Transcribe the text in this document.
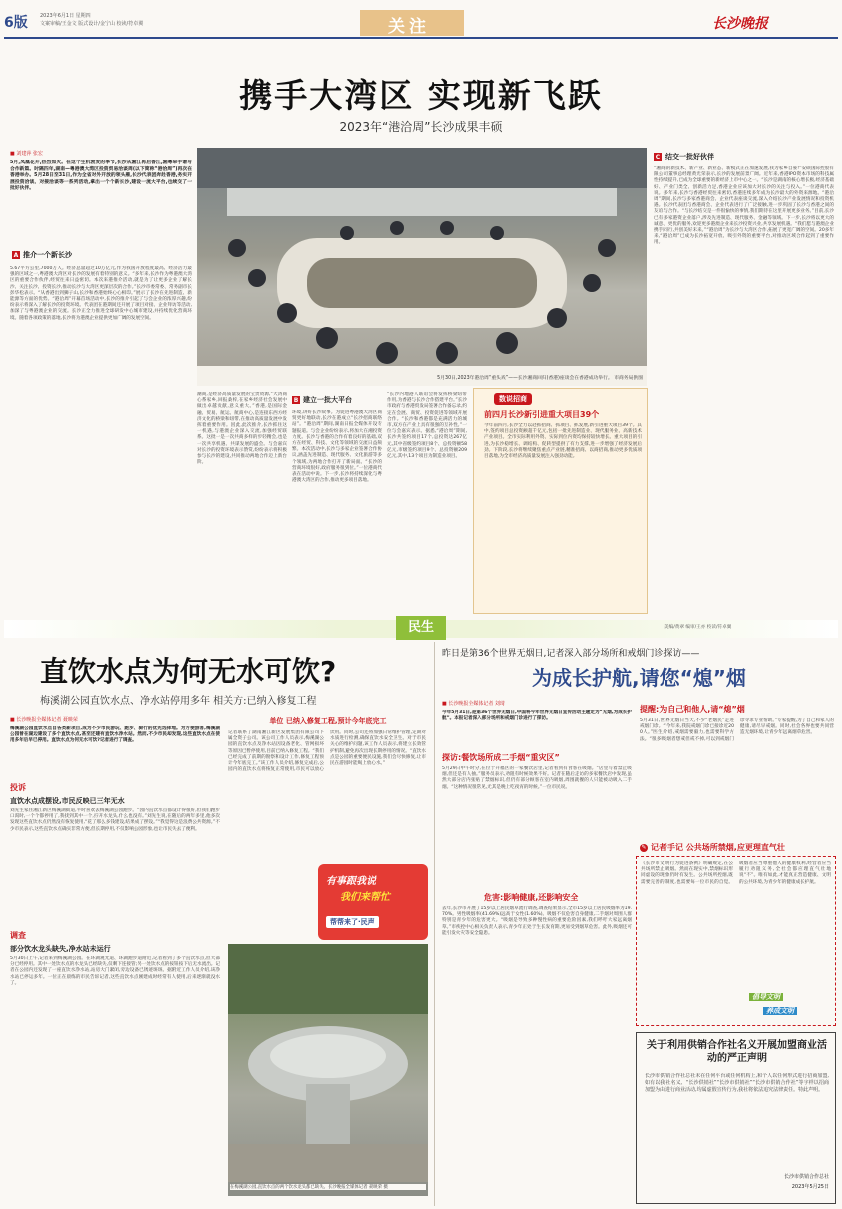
6版 2023年6月1日 星期四
文案审稿/王金文 版式设计/金宁山 校读/符卓翼	关注	长沙晚报
携手大湾区 实现新飞跃
2023年“港洽周”长沙成果丰硕
■ 刘建萍 张宏
5月,凤凰花开,热烈如火。在这个生机勃发的季节,长沙从湘江再启香江,湘粤牵手谱写合作新篇。时隔四年,湖南—粤港澳大湾区投资贸易洽谈周(以下简称“港洽周”)再次在香港举办。5月28日至31日,作为全省对外开放的领头雁,长沙代表团奔赴香港,务实开展投资洽谈、对接洽谈等一系列活动,拿出一个个新长沙,建设一流大平台,也续交了一批好伙伴。
A 推介一个新长沙
5.67平方公里,7000万人。经济总量超过10万亿元,作为我国开放程度最高、经济活力最强的区域之一,粤港澳大湾区对长沙的发展有着特别的意义。“多年来,长沙作为粤港澳大湾区的重要合作伙伴,经贸往来日益密切。本次来港推介活动,就是为了让更多企业了解长沙、关注长沙、投资长沙,推动长沙与大湾区更深层次的合作。”长沙市委常委、常务副市长彭华松表示。“从香港出到狮子山,长沙和香港始终心心相印。”展示了长沙在先进制造、新能源等方面的优势。“港洽周”开幕首场活动中,长沙的推介引起了与会企业的浓厚兴趣,纷纷表示将深入了解长沙的投资环境。代表团在港期间还开展了项目对接、企业拜访等活动,加深了与粤港澳企业的交流。长沙正全力推进全球研发中心城市建设,并持续优化营商环境。随着各项政策的落地,长沙将为港澳企业提供更加广阔的发展空间。
5月30日,2023年港洽周“重头戏”——长沙湘商回归(香港)座谈会在香港成功举行。 市商务局供图
潮商,是经济高质量发展的宝贵资源,“大湾商心系家乡,回报桑梓,在家乡经济社会发展中做出卓越贡献,意义重大。”香港,是国际金融、贸易、航运、航商中心,是连接东西方经济文化的桥梁和纽带,在推动高质量发展中发挥着重要作用。因此,此次推介,长沙抓住这一机遇,与港澳企业深入交流,加强经贸联系。这批一是一次共商多样的步轻精会,也是一次共享机遇、共谋发展的盛会。与会嘉宾对长沙的投资环境表示赞赏,纷纷表示将积极参与长沙的建设,共同推动两地合作迈上新台阶。
B 建立一批大平台
环境,讲好长沙故事。为促进粤港澳大湾区商贸更好地联动,长沙在港成立“长沙招商联络站”。“港洽周”期间,湖南日报全媒体开设专题报道。与会企业纷纷表示,将加大在湘投资力度。长沙与香港的合作有着良好的基础,双方在经贸、科技、文化等领域的交流日益频繁。本次活动中,长沙与多家企业签署合作协议,涵盖先进制造、现代服务、文化旅游等多个领域,为两地合作打开了新局面。“长沙的营商环境很好,政府服务很到位。”一位港商代表在活动中说。下一步,长沙将持续深化与粤港澳大湾区的合作,推动更多项目落地。
“长沙内地港人联谊会将发挥桥梁纽带作用,为香港与长沙合作搭建平台。”长沙市政府与香港贸发局签署合作备忘录,约定在会展、商贸、投资促进等领域开展合作。“长沙和香港都是充满活力的城市,双方在产业上具有很强的互补性。”一位与会嘉宾表示。据悉,“港洽周”期间,长沙共签约项目17个,总投资达267亿元,其中省级签约项目8个、总投资额58亿元,市级签约项目9个、总投资额209亿元,其中,13个项目为制造业项目。
数说招商
前四月长沙新引进重大项目39个
今年前四月,长沙全力以赴抓招商、抓项目、抓发展,新引进重大项目39个。其中,签约项目总投资额超千亿元,包括一批先进制造业、现代服务业、高新技术产业项目。全市实际利用外资、实际到位内资均保持较快增长。重大项目的引进,为长沙稳增长、调结构、促转型提供了有力支撑,进一步增强了经济发展后劲。下阶段,长沙将继续聚焦重点产业链,精准招商、以商招商,推动更多优质项目落地,为全市经济高质量发展注入强劲动能。
C 结交一批好伙伴
“湘商的新技术、新产业、新业态、新模式正在加速发展,我为家乡自豪!”安硕国际控股有限公司董事总经理黄光荣表示,长沙的发展前景广阔。近年来,香港IPO资本市场的科技属性持续提升,已成为全球重要的新经济上市中心之一。“长沙是湖南的核心增长极,经济基础好、产业门类全、创新活力足,香港企业应该加大对长沙的关注与投入。”一位港商代表说。多年来,长沙与香港经贸往来密切,香港连续多年成为长沙最大的外资来源地。“港洽周”期间,长沙与多家香港商会、企业代表座谈交流,深入介绍长沙产业发展情况和投资机遇。长沙代表团与香港商会、企业代表进行了广泛接触,进一步巩固了长沙与香港之间的友谊与合作。“与长沙结交是一件很愉快的事情,我们期待在这里开展更多业务。”目前,长沙已有多家港资企业落户,涉及先进制造、现代服务、金融等领域。下一步,长沙将以更大的诚意、更优的服务,欢迎更多港澳企业来长沙投资兴业,共享发展机遇。“我们愿与港澳企业携手同行,共创美好未来。”“港洽周”为长沙与大湾区合作,拓展了更宽广阔的空间。20多年来,“港洽周”已成为长沙拓宽开放、吸引外资的重要平台,对推动区域合作起到了重要作用。
民生	美编/黄翠 编审/王亦 校读/符卓翼
直饮水点为何无水可饮?
梅溪湖公园直饮水点、净水站停用多年 相关方:已纳入修复工程
■ 长沙晚报全媒体记者 聂映荣
梅溪湖公园直饮水点自各类新项目,成为不少市民游玩、跑步、骑行的优先选择地。为方便游客,梅溪湖公园曾在湖边建设了多个直饮水点,甚至还建有直饮水净水站。然而,不少市民却发现,这些直饮水点在使用多年后早已停用。直饮水点为何无水可饮?记者进行了调查。
投诉
直饮水点成摆设,市民反映已三年无水
刘先生家住湘江新区梅溪湖街道,平时喜欢去梅溪湖公园跑步。“园内直饮水点都设计得很好,但我们跑步口渴时,一个个都停用了,我找到其中一个,拧开水龙头,什么也没有。”刘先生说,在随后的两年多里,他多次发现这些直饮水点仍然没有恢复使用,“花了那么多钱建设,结果成了摆设。”“我觉得这是浪费公共资源。”不少市民表示,这些直饮水点确实非常方便,但长期停用,不仅影响公园形象,也让市民失去了便利。
调查
部分饮水龙头缺失,净水站未运行
5月30日上午,记者来到梅溪湖公园。在环湖观光道、环湖跑步道附近,记者看到了多个直饮水点,但大部分已经停用。其中一处饮水点的水龙头已经缺失,仅剩下连接管;另一处饮水点的按钮按下后无水流出。记者在公园内还发现了一座直饮水净水站,站房大门紧闭,旁边设备已锈迹斑斑。据附近工作人员介绍,该净水站已停运多年。一位正在晨练的市民告诉记者,这些直饮水点刚建成时经常有人使用,后来逐渐就没水了。
单位 已纳入修复工程,预计今年底完工
记者联系了湖南湘江新区发展集团有限公司下属全资子公司。该公司工作人员表示,梅溪湖公园的直饮水点及净水站因设备老化、管网损坏等原因已暂停使用,目前已纳入修复工程。“我们已经完成了前期的勘察和设计工作,修复工程预计今年底完工。”该工作人员介绍,修复完成后,公园内的直饮水点将恢复正常使用,市民可以放心饮用。同时,公司还将加强日常维护管理,定期对水质进行检测,确保直饮水安全卫生。对于市民关心的维护问题,该工作人员表示,将建立长效管护机制,避免再次出现长期停用的情况。“直饮水点是公园的重要便民设施,我们会尽快修复,让市民在游园时能喝上放心水。”
有事跟我说
我们来帮忙
帮帮来了·民声
在梅溪湖公园,直饮水点的两个饮水龙头都已缺失。长沙晚报全媒体记者 聂映荣 摄
昨日是第36个世界无烟日,记者深入部分场所和戒烟门诊探访——
为成长护航,请您“熄”烟
■ 长沙晚报全媒体记者 刘琦
今年5月31日,是第36个世界无烟日,中国将今年世界无烟日宣传活动主题定为“无烟,为成长护航”。本报记者深入部分场所和戒烟门诊进行了探访。
探访:餐饮场所成二手烟“重灾区”
5月29日中午时分,在位于开福区的一家餐饮店里,记者看到有食客在吸烟。“店里写着禁止吸烟,但还是有人抽。”服务员表示,劝阻有时候效果不好。记者在随后走访的多家餐饮店中发现,虽然大部分店内张贴了禁烟标识,但仍有部分顾客在室内吸烟,周围就餐的人只能被动吸入二手烟。“这种情况很常见,尤其是晚上吃夜宵的时候。”一位市民说。
危害:影响健康,还影响安全
去年,长沙市开展了15岁以上居民烟草流行调查,调查结果显示,全市15岁以上居民吸烟率为19.70%。男性吸烟率(41.69%)远高于女性(1.60%)。吸烟不仅危害自身健康,二手烟对周围人群特别是青少年的危害更大。“吸烟是导致多种慢性病的重要危险因素,我们呼吁大家远离烟草。”市疾控中心相关负责人表示,青少年正处于生长发育期,更易受到烟草危害。此外,吸烟还可能引发火灾等安全隐患。
提醒:为自己和他人,请“熄”烟
5月31日,世界无烟日当天,不少“老烟民”走进戒烟门诊。“今年来,我院戒烟门诊已接诊近200人。”医生介绍,戒烟需要毅力,也需要科学方法。“很多吸烟者想戒但戒不掉,可以到戒烟门诊寻求专业帮助。”专家提醒,为了自己和家人的健康,请尽早戒烟。同时,社会各界也要共同营造无烟环境,让青少年远离烟草危害。
✎ 记者手记 公共场所禁烟,应更理直气壮
《长沙市文明行为促进条例》明确规定,在公共场所禁止吸烟。然而在现实中,禁烟标识形同虚设的现象仍时有发生。公共场所控烟,既需要完善的制度,也需要每一位市民的自觉。吸烟者应当尊重他人的健康权利,经营者应当履行劝阻义务,全社会都应理直气壮地说“不”。唯有如此,才能真正营造健康、文明的公共环境,为青少年的健康成长护航。
倡导文明
养成文明
关于利用供销合作社名义开展加盟商业活动的严正声明
长沙市供销合作社总社未在任何平台或任何机构上,和个人以任何形式进行招商加盟,如有以我社名义、“长沙供销社”“长沙市供销社”“长沙市供销合作社”等字样以招商加盟为由进行商业活动,均属虚假宣传行为,我社将依法追究法律责任。特此声明。
长沙市供销合作总社
2023年5月25日
